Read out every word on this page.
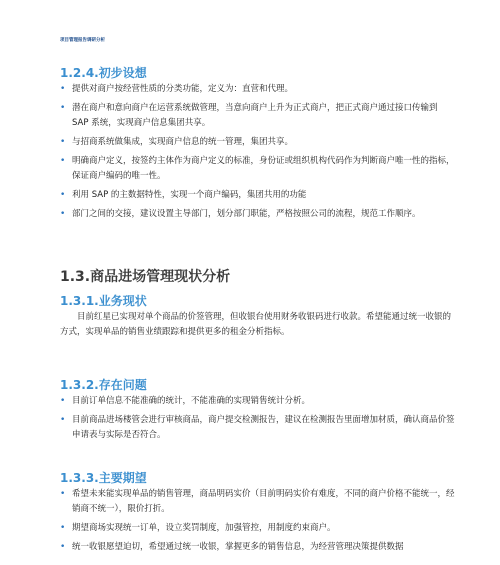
项目管理报告调研分析
1.2.4.初步设想
• 提供对商户按经营性质的分类功能，定义为：直营和代理。
• 潜在商户和意向商户在运营系统做管理，当意向商户上升为正式商户，把正式商户通过接口传输到 SAP 系统，实现商户信息集团共享。
• 与招商系统做集成，实现商户信息的统一管理，集团共享。
• 明确商户定义，按签约主体作为商户定义的标准，身份证或组织机构代码作为判断商户唯一性的指标，保证商户编码的唯一性。
• 利用 SAP 的主数据特性，实现一个商户编码，集团共用的功能
• 部门之间的交接，建议设置主导部门，划分部门职能，严格按照公司的流程，规范工作顺序。
1.3.商品进场管理现状分析
1.3.1.业务现状

目前红星已实现对单个商品的价签管理，但收银台使用财务收银码进行收款。希望能通过统一收银的方式，实现单品的销售业绩跟踪和提供更多的租金分析指标。

1.3.2.存在问题
• 目前订单信息不能准确的统计，不能准确的实现销售统计分析。
• 目前商品进场楼管会进行审核商品，商户提交检测报告，建议在检测报告里面增加材质，确认商品价签申请表与实际是否符合。
1.3.3.主要期望
• 希望未来能实现单品的销售管理，商品明码实价（目前明码实价有难度，不同的商户价格不能统一，经销商不统一），限价打折。
• 期望商场实现统一订单，设立奖罚制度，加强管控，用制度约束商户。
• 统一收银愿望迫切，希望通过统一收银，掌握更多的销售信息，为经营管理决策提供数据
